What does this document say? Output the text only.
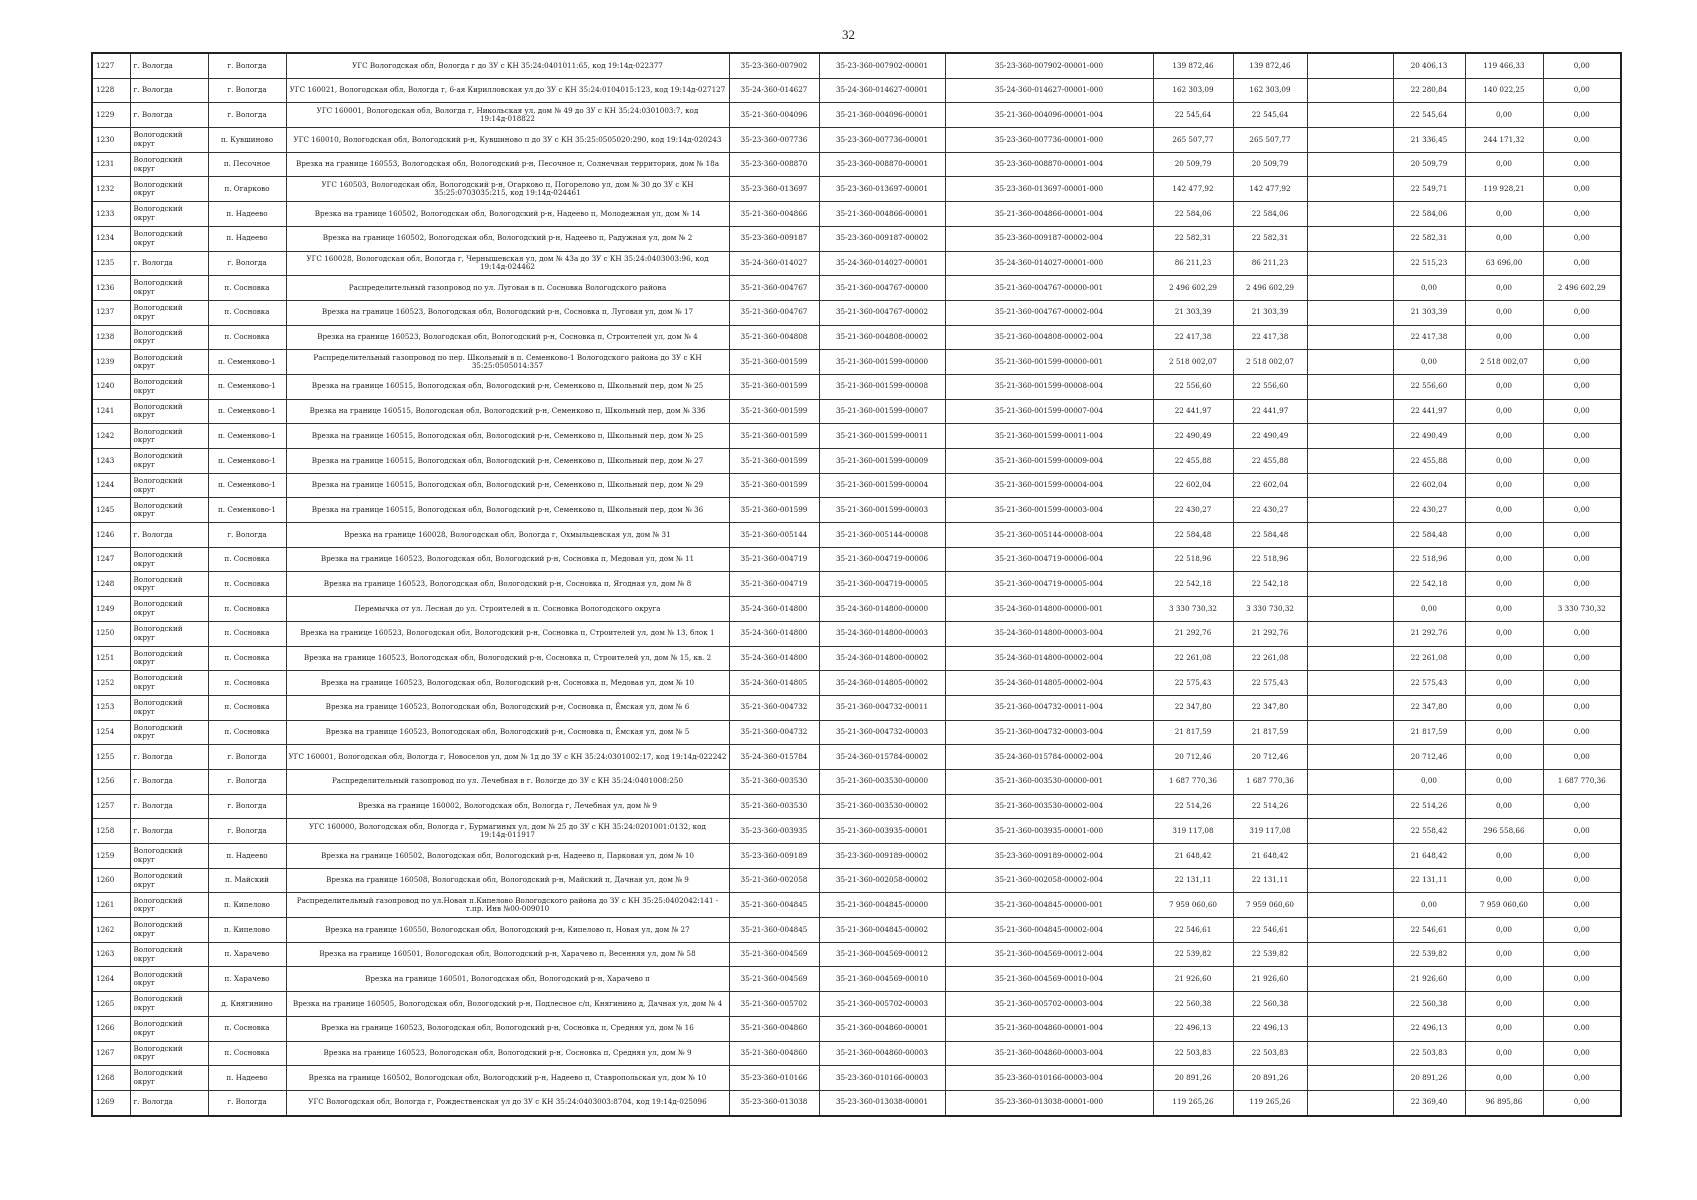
32
1227	г. Вологда	г. Вологда	УГС Вологодская обл, Вологда г до ЗУ с КН 35:24:0401011:65, код 19:14д-022377	35-23-360-007902	35-23-360-007902-00001	35-23-360-007902-00001-000	139 872,46	139 872,46		20 406,13	119 466,33	0,00
1228	г. Вологда	г. Вологда	УГС 160021, Вологодская обл, Вологда г, 6-ая Кирилловская ул до ЗУ с КН 35:24:0104015:123, код 19:14д-027127	35-24-360-014627	35-24-360-014627-00001	35-24-360-014627-00001-000	162 303,09	162 303,09		22 280,84	140 022,25	0,00
1229	г. Вологда	г. Вологда	УГС 160001, Вологодская обл, Вологда г, Никольская ул, дом № 49 до ЗУ с КН 35:24:0301003:7, код 19:14д-018822	35-21-360-004096	35-21-360-004096-00001	35-21-360-004096-00001-004	22 545,64	22 545,64		22 545,64	0,00	0,00
1230	Вологодский округ	п. Кувшиново	УГС 160010, Вологодская обл, Вологодский р-н, Кувшиново п до ЗУ с КН 35:25:0505020:290, код 19:14д-020243	35-23-360-007736	35-23-360-007736-00001	35-23-360-007736-00001-000	265 507,77	265 507,77		21 336,45	244 171,32	0,00
1231	Вологодский округ	п. Песочное	Врезка на границе 160553, Вологодская обл, Вологодский р-н, Песочное п, Солнечная территория, дом № 18а	35-23-360-008870	35-23-360-008870-00001	35-23-360-008870-00001-004	20 509,79	20 509,79		20 509,79	0,00	0,00
1232	Вологодский округ	п. Огарково	УГС 160503, Вологодская обл, Вологодский р-н, Огарково п, Погорелово ул, дом № 30 до ЗУ с КН 35:25:0703035:215, код 19:14д-024461	35-23-360-013697	35-23-360-013697-00001	35-23-360-013697-00001-000	142 477,92	142 477,92		22 549,71	119 928,21	0,00
1233	Вологодский округ	п. Надеево	Врезка на границе 160502, Вологодская обл, Вологодский р-н, Надеево п, Молодежная ул, дом № 14	35-21-360-004866	35-21-360-004866-00001	35-21-360-004866-00001-004	22 584,06	22 584,06		22 584,06	0,00	0,00
1234	Вологодский округ	п. Надеево	Врезка на границе 160502, Вологодская обл, Вологодский р-н, Надеево п, Радужная ул, дом № 2	35-23-360-009187	35-23-360-009187-00002	35-23-360-009187-00002-004	22 582,31	22 582,31		22 582,31	0,00	0,00
1235	г. Вологда	г. Вологда	УГС 160028, Вологодская обл, Вологда г, Чернышевская ул, дом № 43а до ЗУ с КН 35:24:0403003:96, код 19:14д-024462	35-24-360-014027	35-24-360-014027-00001	35-24-360-014027-00001-000	86 211,23	86 211,23		22 515,23	63 696,00	0,00
1236	Вологодский округ	п. Сосновка	Распределительный газопровод по ул. Луговая в п. Сосновка Вологодского района	35-21-360-004767	35-21-360-004767-00000	35-21-360-004767-00000-001	2 496 602,29	2 496 602,29		0,00	0,00	2 496 602,29
1237	Вологодский округ	п. Сосновка	Врезка на границе 160523, Вологодская обл, Вологодский р-н, Сосновка п, Луговая ул, дом № 17	35-21-360-004767	35-21-360-004767-00002	35-21-360-004767-00002-004	21 303,39	21 303,39		21 303,39	0,00	0,00
1238	Вологодский округ	п. Сосновка	Врезка на границе 160523, Вологодская обл, Вологодский р-н, Сосновка п, Строителей ул, дом № 4	35-21-360-004808	35-21-360-004808-00002	35-21-360-004808-00002-004	22 417,38	22 417,38		22 417,38	0,00	0,00
1239	Вологодский округ	п. Семенково-1	Распределительный газопровод по пер. Школьный в п. Семенково-1 Вологодского района до ЗУ с КН 35:25:0505014:357	35-21-360-001599	35-21-360-001599-00000	35-21-360-001599-00000-001	2 518 002,07	2 518 002,07		0,00	2 518 002,07	0,00
1240	Вологодский округ	п. Семенково-1	Врезка на границе 160515, Вологодская обл, Вологодский р-н, Семенково п, Школьный пер, дом № 25	35-21-360-001599	35-21-360-001599-00008	35-21-360-001599-00008-004	22 556,60	22 556,60		22 556,60	0,00	0,00
1241	Вологодский округ	п. Семенково-1	Врезка на границе 160515, Вологодская обл, Вологодский р-н, Семенково п, Школьный пер, дом № 33б	35-21-360-001599	35-21-360-001599-00007	35-21-360-001599-00007-004	22 441,97	22 441,97		22 441,97	0,00	0,00
1242	Вологодский округ	п. Семенково-1	Врезка на границе 160515, Вологодская обл, Вологодский р-н, Семенково п, Школьный пер, дом № 25	35-21-360-001599	35-21-360-001599-00011	35-21-360-001599-00011-004	22 490,49	22 490,49		22 490,49	0,00	0,00
1243	Вологодский округ	п. Семенково-1	Врезка на границе 160515, Вологодская обл, Вологодский р-н, Семенково п, Школьный пер, дом № 27	35-21-360-001599	35-21-360-001599-00009	35-21-360-001599-00009-004	22 455,88	22 455,88		22 455,88	0,00	0,00
1244	Вологодский округ	п. Семенково-1	Врезка на границе 160515, Вологодская обл, Вологодский р-н, Семенково п, Школьный пер, дом № 29	35-21-360-001599	35-21-360-001599-00004	35-21-360-001599-00004-004	22 602,04	22 602,04		22 602,04	0,00	0,00
1245	Вологодский округ	п. Семенково-1	Врезка на границе 160515, Вологодская обл, Вологодский р-н, Семенково п, Школьный пер, дом № 36	35-21-360-001599	35-21-360-001599-00003	35-21-360-001599-00003-004	22 430,27	22 430,27		22 430,27	0,00	0,00
1246	г. Вологда	г. Вологда	Врезка на границе 160028, Вологодская обл, Вологда г, Охмыльцевская ул, дом № 31	35-21-360-005144	35-21-360-005144-00008	35-21-360-005144-00008-004	22 584,48	22 584,48		22 584,48	0,00	0,00
1247	Вологодский округ	п. Сосновка	Врезка на границе 160523, Вологодская обл, Вологодский р-н, Сосновка п, Медовая ул, дом № 11	35-21-360-004719	35-21-360-004719-00006	35-21-360-004719-00006-004	22 518,96	22 518,96		22 518,96	0,00	0,00
1248	Вологодский округ	п. Сосновка	Врезка на границе 160523, Вологодская обл, Вологодский р-н, Сосновка п, Ягодная ул, дом № 8	35-21-360-004719	35-21-360-004719-00005	35-21-360-004719-00005-004	22 542,18	22 542,18		22 542,18	0,00	0,00
1249	Вологодский округ	п. Сосновка	Перемычка от ул. Лесная до ул. Строителей в п. Сосновка Вологодского округа	35-24-360-014800	35-24-360-014800-00000	35-24-360-014800-00000-001	3 330 730,32	3 330 730,32		0,00	0,00	3 330 730,32
1250	Вологодский округ	п. Сосновка	Врезка на границе 160523, Вологодская обл, Вологодский р-н, Сосновка п, Строителей ул, дом № 13, блок 1	35-24-360-014800	35-24-360-014800-00003	35-24-360-014800-00003-004	21 292,76	21 292,76		21 292,76	0,00	0,00
1251	Вологодский округ	п. Сосновка	Врезка на границе 160523, Вологодская обл, Вологодский р-н, Сосновка п, Строителей ул, дом № 15, кв. 2	35-24-360-014800	35-24-360-014800-00002	35-24-360-014800-00002-004	22 261,08	22 261,08		22 261,08	0,00	0,00
1252	Вологодский округ	п. Сосновка	Врезка на границе 160523, Вологодская обл, Вологодский р-н, Сосновка п, Медовая ул, дом № 10	35-24-360-014805	35-24-360-014805-00002	35-24-360-014805-00002-004	22 575,43	22 575,43		22 575,43	0,00	0,00
1253	Вологодский округ	п. Сосновка	Врезка на границе 160523, Вологодская обл, Вологодский р-н, Сосновка п, Ёмская ул, дом № 6	35-21-360-004732	35-21-360-004732-00011	35-21-360-004732-00011-004	22 347,80	22 347,80		22 347,80	0,00	0,00
1254	Вологодский округ	п. Сосновка	Врезка на границе 160523, Вологодская обл, Вологодский р-н, Сосновка п, Ёмская ул, дом № 5	35-21-360-004732	35-21-360-004732-00003	35-21-360-004732-00003-004	21 817,59	21 817,59		21 817,59	0,00	0,00
1255	г. Вологда	г. Вологда	УГС 160001, Вологодская обл, Вологда г, Новоселов ул, дом № 1д до ЗУ с КН 35:24:0301002:17, код 19:14д-022242	35-24-360-015784	35-24-360-015784-00002	35-24-360-015784-00002-004	20 712,46	20 712,46		20 712,46	0,00	0,00
1256	г. Вологда	г. Вологда	Распределительный газопровод по ул. Лечебная в г. Вологде до ЗУ с КН 35:24:0401008:250	35-21-360-003530	35-21-360-003530-00000	35-21-360-003530-00000-001	1 687 770,36	1 687 770,36		0,00	0,00	1 687 770,36
1257	г. Вологда	г. Вологда	Врезка на границе 160002, Вологодская обл, Вологда г, Лечебная ул, дом № 9	35-21-360-003530	35-21-360-003530-00002	35-21-360-003530-00002-004	22 514,26	22 514,26		22 514,26	0,00	0,00
1258	г. Вологда	г. Вологда	УГС 160000, Вологодская обл, Вологда г, Бурмагиных ул, дом № 25 до ЗУ с КН 35:24:0201001:0132, код 19:14д-011917	35-23-360-003935	35-21-360-003935-00001	35-21-360-003935-00001-000	319 117,08	319 117,08		22 558,42	296 558,66	0,00
1259	Вологодский округ	п. Надеево	Врезка на границе 160502, Вологодская обл, Вологодский р-н, Надеево п, Парковая ул, дом № 10	35-23-360-009189	35-23-360-009189-00002	35-23-360-009189-00002-004	21 648,42	21 648,42		21 648,42	0,00	0,00
1260	Вологодский округ	п. Майский	Врезка на границе 160508, Вологодская обл, Вологодский р-н, Майский п, Дачная ул, дом № 9	35-21-360-002058	35-21-360-002058-00002	35-21-360-002058-00002-004	22 131,11	22 131,11		22 131,11	0,00	0,00
1261	Вологодский округ	п. Кипелово	Распределительный газопровод по ул.Новая п.Кипелово Вологодского района до ЗУ с КН 35:25:0402042:141 - т.пр. Инв №00-009010	35-21-360-004845	35-21-360-004845-00000	35-21-360-004845-00000-001	7 959 060,60	7 959 060,60		0,00	7 959 060,60	0,00
1262	Вологодский округ	п. Кипелово	Врезка на границе 160550, Вологодская обл, Вологодский р-н, Кипелово п, Новая ул, дом № 27	35-21-360-004845	35-21-360-004845-00002	35-21-360-004845-00002-004	22 546,61	22 546,61		22 546,61	0,00	0,00
1263	Вологодский округ	п. Харачево	Врезка на границе 160501, Вологодская обл, Вологодский р-н, Харачево п, Весенняя ул, дом № 58	35-21-360-004569	35-21-360-004569-00012	35-21-360-004569-00012-004	22 539,82	22 539,82		22 539,82	0,00	0,00
1264	Вологодский округ	п. Харачево	Врезка на границе 160501, Вологодская обл, Вологодский р-н, Харачево п	35-21-360-004569	35-21-360-004569-00010	35-21-360-004569-00010-004	21 926,60	21 926,60		21 926,60	0,00	0,00
1265	Вологодский округ	д. Княгинино	Врезка на границе 160505, Вологодская обл, Вологодский р-н, Подлесное с/п, Княгинино д, Дачная ул, дом № 4	35-21-360-005702	35-21-360-005702-00003	35-21-360-005702-00003-004	22 560,38	22 560,38		22 560,38	0,00	0,00
1266	Вологодский округ	п. Сосновка	Врезка на границе 160523, Вологодская обл, Вологодский р-н, Сосновка п, Средняя ул, дом № 16	35-21-360-004860	35-21-360-004860-00001	35-21-360-004860-00001-004	22 496,13	22 496,13		22 496,13	0,00	0,00
1267	Вологодский округ	п. Сосновка	Врезка на границе 160523, Вологодская обл, Вологодский р-н, Сосновка п, Средняя ул, дом № 9	35-21-360-004860	35-21-360-004860-00003	35-21-360-004860-00003-004	22 503,83	22 503,83		22 503,83	0,00	0,00
1268	Вологодский округ	п. Надеево	Врезка на границе 160502, Вологодская обл, Вологодский р-н, Надеево п, Ставропольская ул, дом № 10	35-23-360-010166	35-23-360-010166-00003	35-23-360-010166-00003-004	20 891,26	20 891,26		20 891,26	0,00	0,00
1269	г. Вологда	г. Вологда	УГС Вологодская обл, Вологда г, Рождественская ул до ЗУ с КН 35:24:0403003:8704, код 19:14д-025096	35-23-360-013038	35-23-360-013038-00001	35-23-360-013038-00001-000	119 265,26	119 265,26		22 369,40	96 895,86	0,00
